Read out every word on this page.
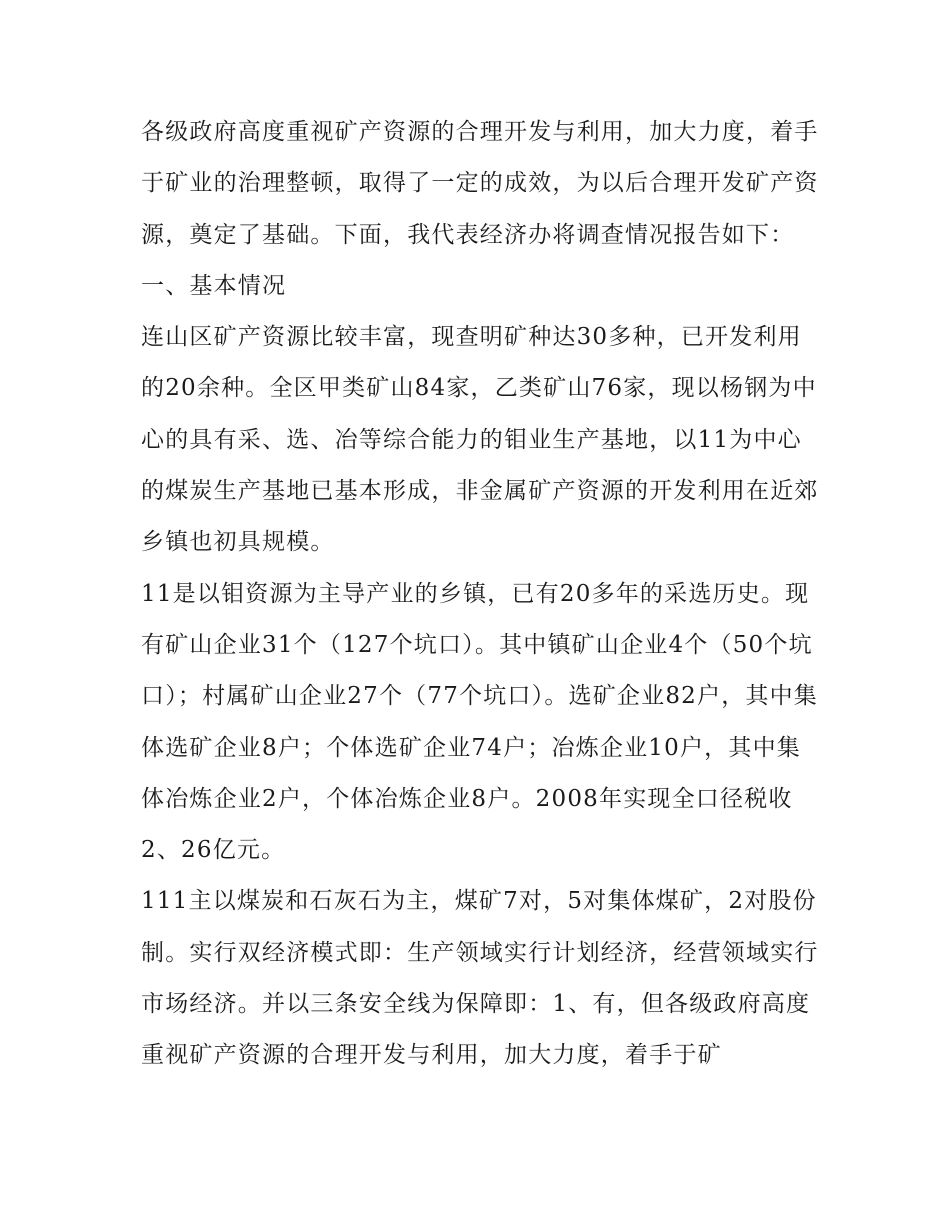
各级政府高度重视矿产资源的合理开发与利用，加大力度，着手于矿业的治理整顿，取得了一定的成效，为以后合理开发矿产资源，奠定了基础。下面，我代表经济办将调查情况报告如下：

一、基本情况

连山区矿产资源比较丰富，现查明矿种达30多种，已开发利用的20余种。全区甲类矿山84家，乙类矿山76家，现以杨钢为中心的具有采、选、冶等综合能力的钼业生产基地，以11为中心的煤炭生产基地已基本形成，非金属矿产资源的开发利用在近郊乡镇也初具规模。

11是以钼资源为主导产业的乡镇，已有20多年的采选历史。现有矿山企业31个（127个坑口）。其中镇矿山企业4个（50个坑口）；村属矿山企业27个（77个坑口）。选矿企业82户，其中集体选矿企业8户；个体选矿企业74户；冶炼企业10户，其中集体冶炼企业2户，个体冶炼企业8户。2008年实现全口径税收2、26亿元。

111主以煤炭和石灰石为主，煤矿7对，5对集体煤矿，2对股份制。实行双经济模式即：生产领域实行计划经济，经营领域实行市场经济。并以三条安全线为保障即：1、有，但各级政府高度重视矿产资源的合理开发与利用，加大力度，着手于矿
